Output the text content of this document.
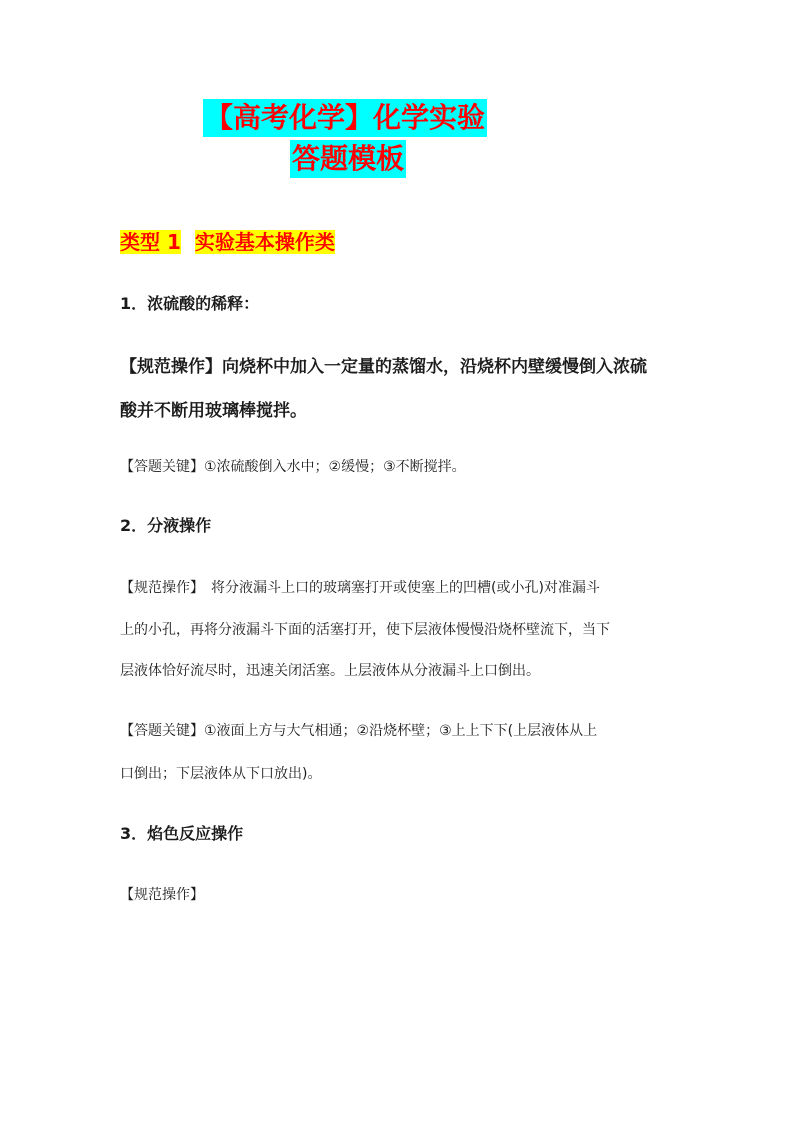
【高考化学】化学实验
答题模板
类型 1 实验基本操作类
1．浓硫酸的稀释：
【规范操作】向烧杯中加入一定量的蒸馏水，沿烧杯内壁缓慢倒入浓硫
酸并不断用玻璃棒搅拌。
【答题关键】①浓硫酸倒入水中；②缓慢；③不断搅拌。
2．分液操作
【规范操作】　将分液漏斗上口的玻璃塞打开或使塞上的凹槽(或小孔)对准漏斗
上的小孔，再将分液漏斗下面的活塞打开，使下层液体慢慢沿烧杯壁流下，当下
层液体恰好流尽时，迅速关闭活塞。上层液体从分液漏斗上口倒出。
【答题关键】①液面上方与大气相通；②沿烧杯壁；③上上下下(上层液体从上
口倒出；下层液体从下口放出)。
3．焰色反应操作
【规范操作】
